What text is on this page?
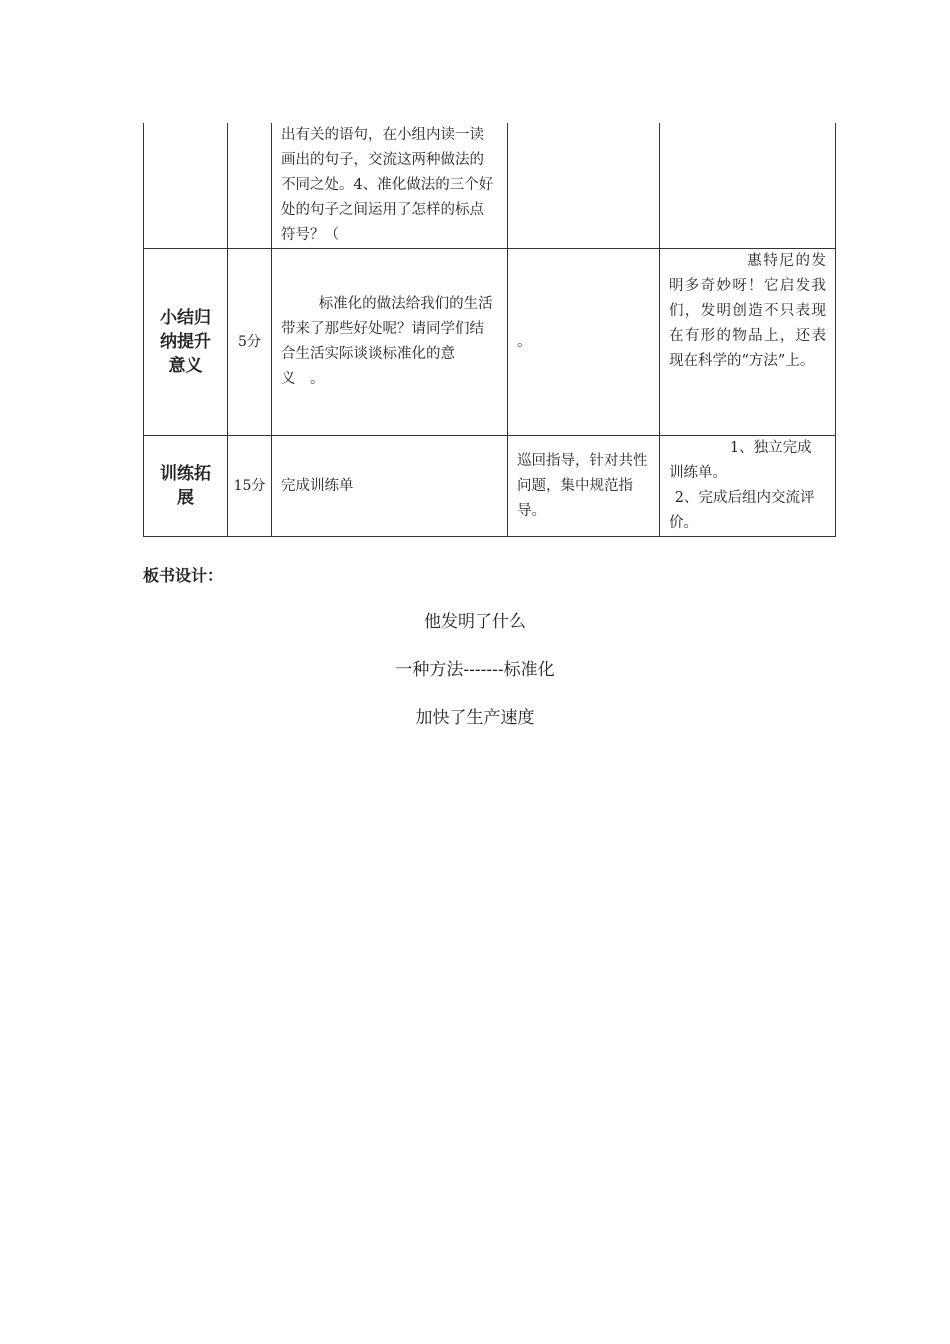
		出有关的语句，在小组内读一读画出的句子，交流这两种做法的不同之处。4、准化做法的三个好处的句子之间运用了怎样的标点符号？（		
小结归纳提升意义	5分	标准化的做法给我们的生活带来了那些好处呢？请同学们结合生活实际谈谈标准化的意义　。	。	惠特尼的发明多奇妙呀！它启发我们，发明创造不只表现在有形的物品上，还表现在科学的“方法”上。

训练拓展	15分	完成训练单	巡回指导，针对共性问题，集中规范指导。	1、独立完成训练单。
2、完成后组内交流评价。
板书设计：
他发明了什么
一种方法-------标准化
加快了生产速度
